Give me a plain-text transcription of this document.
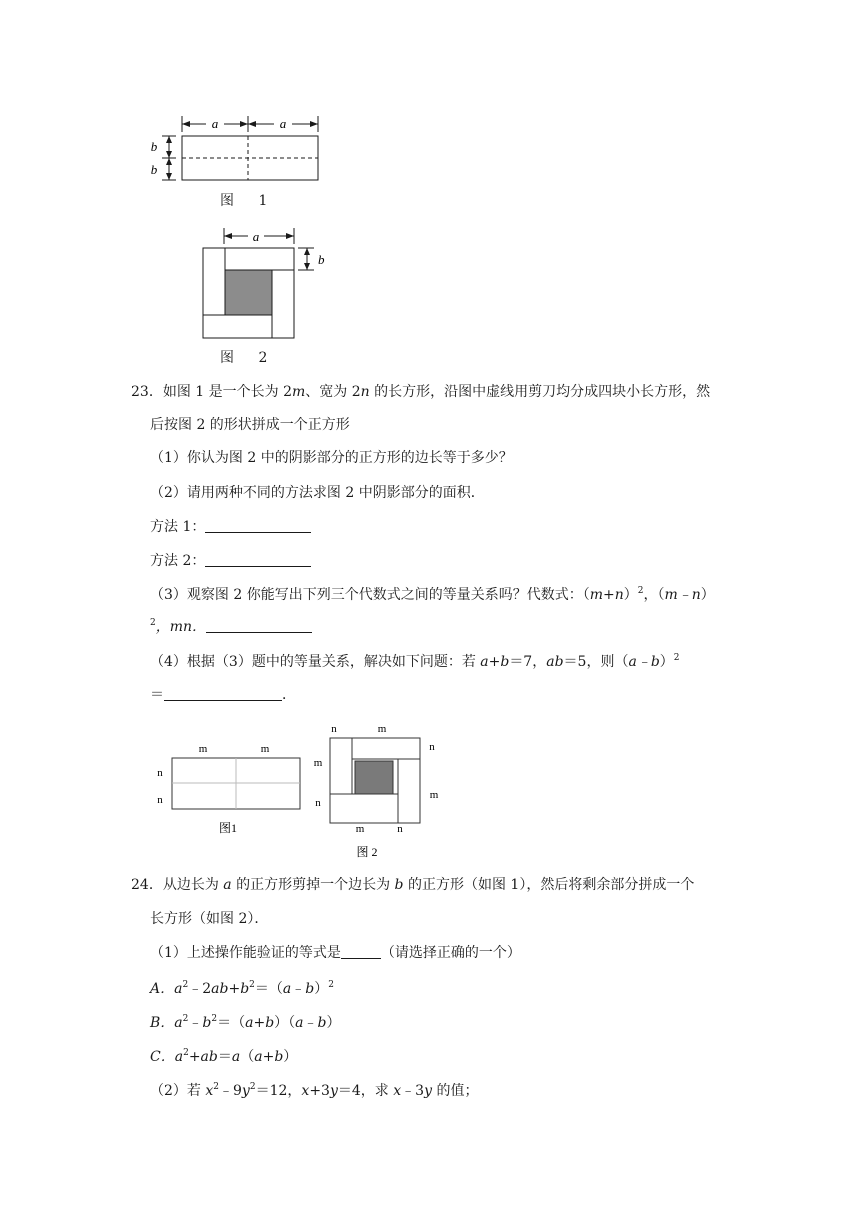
a	a
b
b
图 1
a
b
图 2
23．如图 1 是一个长为 2m、宽为 2n 的长方形，沿图中虚线用剪刀均分成四块小长方形，然
后按图 2 的形状拼成一个正方形
（1）你认为图 2 中的阴影部分的正方形的边长等于多少？
（2）请用两种不同的方法求图 2 中阴影部分的面积．
方法 1：
方法 2：
（3）观察图 2 你能写出下列三个代数式之间的等量关系吗？代数式：$(m+n)^2$，（m﹣n）
$^2$，mn．
（4）根据（3）题中的等量关系，解决如下问题：若 a+b＝7，ab＝5，则（a﹣b）$^2$
＝	．
m	m
n
n
图1
n	m
n
m
m
n
m	n
图 2
24．从边长为 a 的正方形剪掉一个边长为 b 的正方形（如图 1），然后将剩余部分拼成一个
长方形（如图 2）．
（1）上述操作能验证的等式是	（请选择正确的一个）
A．$a^2﹣2ab+b^2=(a﹣b)^2$
B．$a^2﹣b^2=(a+b)(a﹣b)$
C．$a^2+ab=a(a+b)$
（2）若 $x^2﹣9y^2=12$，x+3y＝4，求 x﹣3y 的值；
